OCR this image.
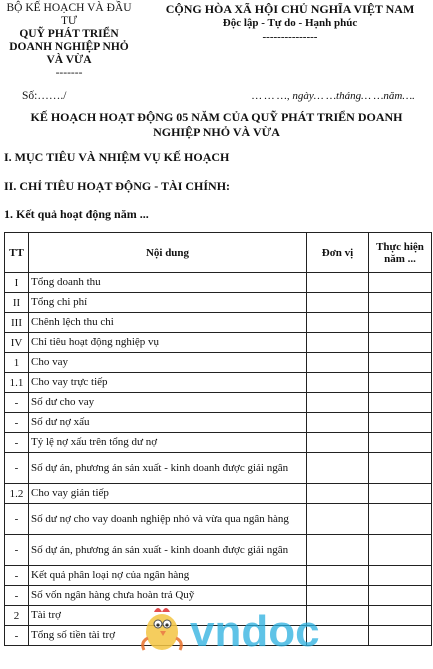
BỘ KẾ HOẠCH VÀ ĐẦU TƯ
QUỸ PHÁT TRIỂN DOANH NGHIỆP NHỎ VÀ VỪA
-------
CỘNG HÒA XÃ HỘI CHỦ NGHĨA VIỆT NAM
Độc lập - Tự do - Hạnh phúc
---------------
Số:……./	… … …, ngày… …tháng… …năm….
KẾ HOẠCH HOẠT ĐỘNG 05 NĂM CỦA QUỸ PHÁT TRIỂN DOANH NGHIỆP NHỎ VÀ VỪA
I. MỤC TIÊU VÀ NHIỆM VỤ KẾ HOẠCH
II. CHỈ TIÊU HOẠT ĐỘNG - TÀI CHÍNH:
1. Kết quả hoạt động năm ...
TT	Nội dung	Đơn vị	Thực hiện năm ...
I	Tổng doanh thu		
II	Tổng chi phí		
III	Chênh lệch thu chi		
IV	Chỉ tiêu hoạt động nghiệp vụ		
1	Cho vay		
1.1	Cho vay trực tiếp		
-	Số dư cho vay		
-	Số dư nợ xấu		
-	Tỷ lệ nợ xấu trên tổng dư nợ		
-	Số dự án, phương án sản xuất - kinh doanh được giải ngân		
1.2	Cho vay gián tiếp		
-	Số dư nợ cho vay doanh nghiệp nhỏ và vừa qua ngân hàng		
-	Số dự án, phương án sản xuất - kinh doanh được giải ngân		
-	Kết quả phân loại nợ của ngân hàng		
-	Số vốn ngân hàng chưa hoàn trả Quỹ		
2	Tài trợ		
-	Tổng số tiền tài trợ		vndoc
